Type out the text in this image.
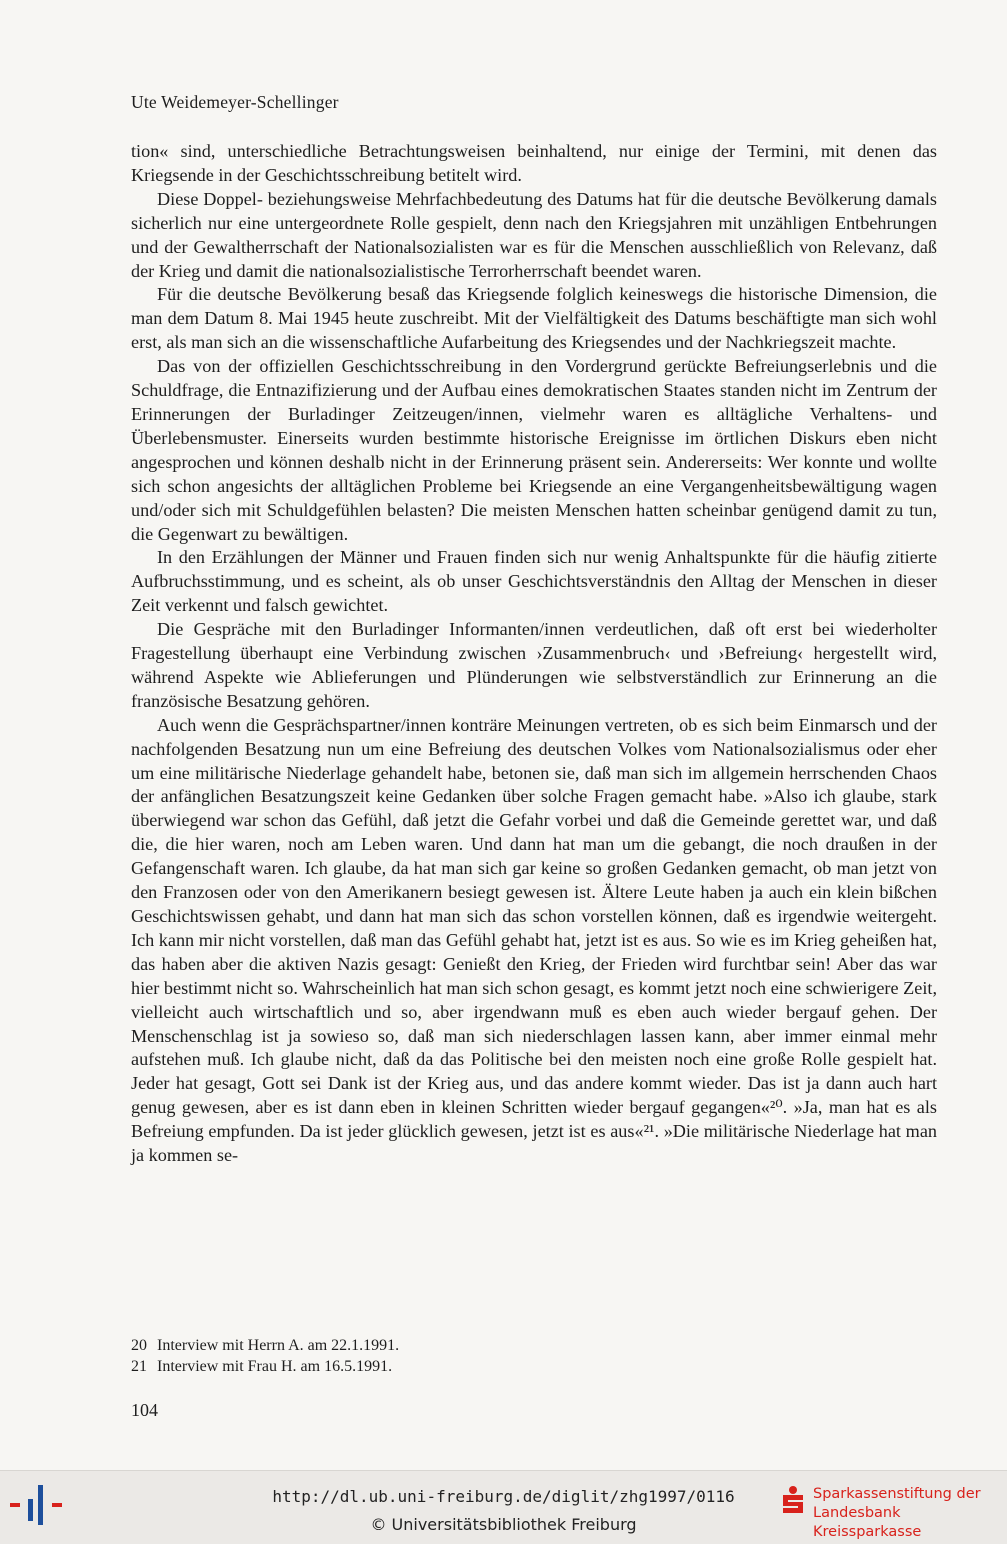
Ute Weidemeyer-Schellinger

tion« sind, unterschiedliche Betrachtungsweisen beinhaltend, nur einige der Termini, mit denen das Kriegsende in der Geschichtsschreibung betitelt wird.

Diese Doppel- beziehungsweise Mehrfachbedeutung des Datums hat für die deutsche Bevölkerung damals sicherlich nur eine untergeordnete Rolle gespielt, denn nach den Kriegsjahren mit unzähligen Entbehrungen und der Gewaltherrschaft der Nationalsozialisten war es für die Menschen ausschließlich von Relevanz, daß der Krieg und damit die nationalsozialistische Terrorherrschaft beendet waren.

Für die deutsche Bevölkerung besaß das Kriegsende folglich keineswegs die historische Dimension, die man dem Datum 8. Mai 1945 heute zuschreibt. Mit der Vielfältigkeit des Datums beschäftigte man sich wohl erst, als man sich an die wissenschaftliche Aufarbeitung des Kriegsendes und der Nachkriegszeit machte.

Das von der offiziellen Geschichtsschreibung in den Vordergrund gerückte Befreiungserlebnis und die Schuldfrage, die Entnazifizierung und der Aufbau eines demokratischen Staates standen nicht im Zentrum der Erinnerungen der Burladinger Zeitzeugen/innen, vielmehr waren es alltägliche Verhaltens- und Überlebensmuster. Einerseits wurden bestimmte historische Ereignisse im örtlichen Diskurs eben nicht angesprochen und können deshalb nicht in der Erinnerung präsent sein. Andererseits: Wer konnte und wollte sich schon angesichts der alltäglichen Probleme bei Kriegsende an eine Vergangenheitsbewältigung wagen und/oder sich mit Schuldgefühlen belasten? Die meisten Menschen hatten scheinbar genügend damit zu tun, die Gegenwart zu bewältigen.

In den Erzählungen der Männer und Frauen finden sich nur wenig Anhaltspunkte für die häufig zitierte Aufbruchsstimmung, und es scheint, als ob unser Geschichtsverständnis den Alltag der Menschen in dieser Zeit verkennt und falsch gewichtet.

Die Gespräche mit den Burladinger Informanten/innen verdeutlichen, daß oft erst bei wiederholter Fragestellung überhaupt eine Verbindung zwischen ›Zusammenbruch‹ und ›Befreiung‹ hergestellt wird, während Aspekte wie Ablieferungen und Plünderungen wie selbstverständlich zur Erinnerung an die französische Besatzung gehören.

Auch wenn die Gesprächspartner/innen konträre Meinungen vertreten, ob es sich beim Einmarsch und der nachfolgenden Besatzung nun um eine Befreiung des deutschen Volkes vom Nationalsozialismus oder eher um eine militärische Niederlage gehandelt habe, betonen sie, daß man sich im allgemein herrschenden Chaos der anfänglichen Besatzungszeit keine Gedanken über solche Fragen gemacht habe. »Also ich glaube, stark überwiegend war schon das Gefühl, daß jetzt die Gefahr vorbei und daß die Gemeinde gerettet war, und daß die, die hier waren, noch am Leben waren. Und dann hat man um die gebangt, die noch draußen in der Gefangenschaft waren. Ich glaube, da hat man sich gar keine so großen Gedanken gemacht, ob man jetzt von den Franzosen oder von den Amerikanern besiegt gewesen ist. Ältere Leute haben ja auch ein klein bißchen Geschichtswissen gehabt, und dann hat man sich das schon vorstellen können, daß es irgendwie weitergeht. Ich kann mir nicht vorstellen, daß man das Gefühl gehabt hat, jetzt ist es aus. So wie es im Krieg geheißen hat, das haben aber die aktiven Nazis gesagt: Genießt den Krieg, der Frieden wird furchtbar sein! Aber das war hier bestimmt nicht so. Wahrscheinlich hat man sich schon gesagt, es kommt jetzt noch eine schwierigere Zeit, vielleicht auch wirtschaftlich und so, aber irgendwann muß es eben auch wieder bergauf gehen. Der Menschenschlag ist ja sowieso so, daß man sich niederschlagen lassen kann, aber immer einmal mehr aufstehen muß. Ich glaube nicht, daß da das Politische bei den meisten noch eine große Rolle gespielt hat. Jeder hat gesagt, Gott sei Dank ist der Krieg aus, und das andere kommt wieder. Das ist ja dann auch hart genug gewesen, aber es ist dann eben in kleinen Schritten wieder bergauf gegangen«²⁰. »Ja, man hat es als Befreiung empfunden. Da ist jeder glücklich gewesen, jetzt ist es aus«²¹. »Die militärische Niederlage hat man ja kommen se-

20 Interview mit Herrn A. am 22.1.1991.

21 Interview mit Frau H. am 16.5.1991.

104
http://dl.ub.uni-freiburg.de/diglit/zhg1997/0116
© Universitätsbibliothek Freiburg
Sparkassenstiftung der
Landesbank Kreissparkasse
